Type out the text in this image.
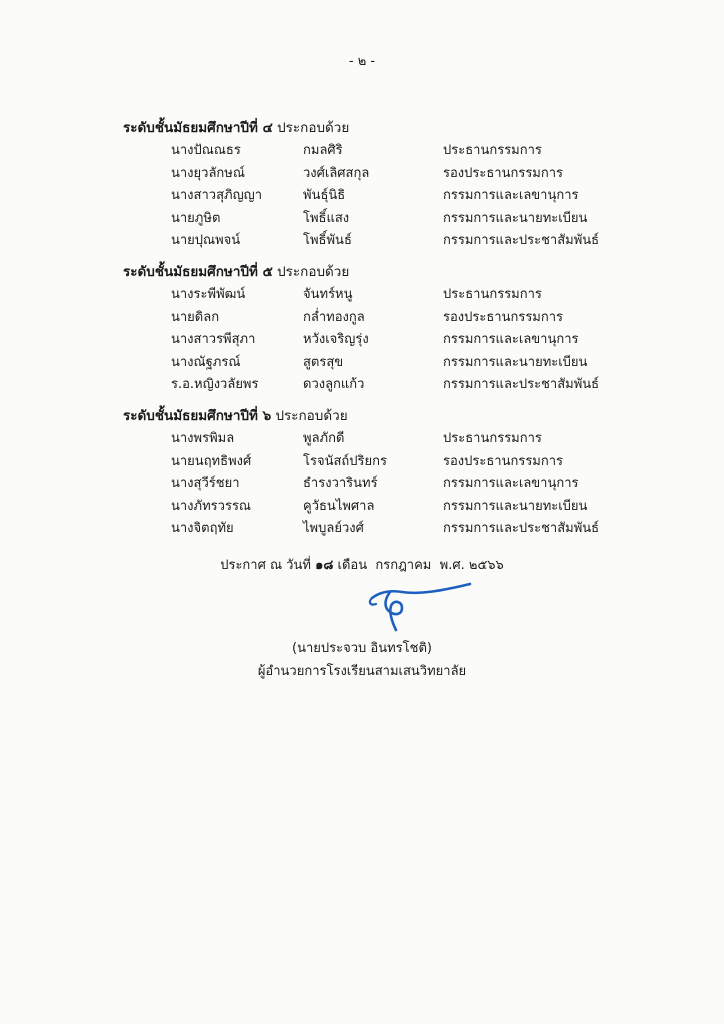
- ๒ -
ระดับชั้นมัธยมศึกษาปีที่ ๔ ประกอบด้วย
นางปัณณธร	กมลศิริ	ประธานกรรมการ
นางยุวลักษณ์	วงศ์เลิศสกุล	รองประธานกรรมการ
นางสาวสุภิญญา	พันธุ์นิธิ	กรรมการและเลขานุการ
นายภูษิต	โพธิ์แสง	กรรมการและนายทะเบียน
นายปุณพจน์	โพธิ์พันธ์	กรรมการและประชาสัมพันธ์
ระดับชั้นมัธยมศึกษาปีที่ ๕ ประกอบด้วย
นางระพีพัฒน์	จันทร์หนู	ประธานกรรมการ
นายดิลก	กล่ำทองกูล	รองประธานกรรมการ
นางสาวรพีสุภา	หวังเจริญรุ่ง	กรรมการและเลขานุการ
นางณัฐภรณ์	สูตรสุข	กรรมการและนายทะเบียน
ร.อ.หญิงวลัยพร	ดวงลูกแก้ว	กรรมการและประชาสัมพันธ์
ระดับชั้นมัธยมศึกษาปีที่ ๖ ประกอบด้วย
นางพรพิมล	พูลภักดี	ประธานกรรมการ
นายนฤทธิพงศ์	โรจนัสถ์ปริยกร	รองประธานกรรมการ
นางสุวีร์ชยา	ธำรงวารินทร์	กรรมการและเลขานุการ
นางภัทรวรรณ	คูวัธนไพศาล	กรรมการและนายทะเบียน
นางจิตฤทัย	ไพบูลย์วงศ์	กรรมการและประชาสัมพันธ์
ประกาศ ณ วันที่ ๑๘ เดือน กรกฎาคม พ.ศ. ๒๕๖๖
(นายประจวบ อินทรโชติ)
ผู้อำนวยการโรงเรียนสามเสนวิทยาลัย
